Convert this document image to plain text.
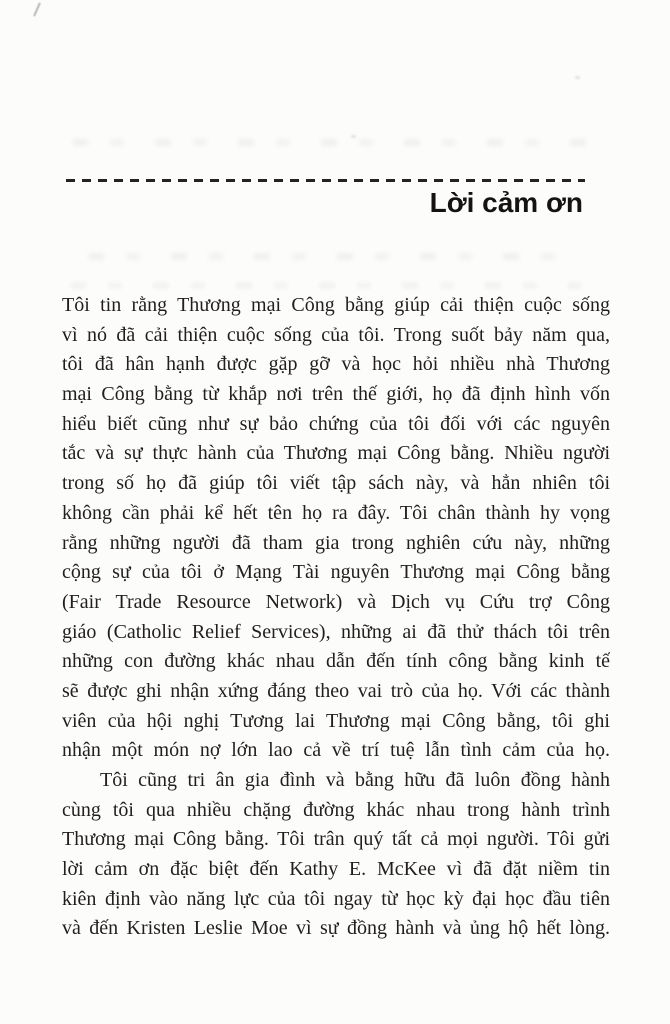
Lời cảm ơn
Tôi tin rằng Thương mại Công bằng giúp cải thiện cuộc sống
vì nó đã cải thiện cuộc sống của tôi. Trong suốt bảy năm qua,
tôi đã hân hạnh được gặp gỡ và học hỏi nhiều nhà Thương
mại Công bằng từ khắp nơi trên thế giới, họ đã định hình vốn
hiểu biết cũng như sự bảo chứng của tôi đối với các nguyên
tắc và sự thực hành của Thương mại Công bằng. Nhiều người
trong số họ đã giúp tôi viết tập sách này, và hẳn nhiên tôi
không cần phải kể hết tên họ ra đây. Tôi chân thành hy vọng
rằng những người đã tham gia trong nghiên cứu này, những
cộng sự của tôi ở Mạng Tài nguyên Thương mại Công bằng
(Fair Trade Resource Network) và Dịch vụ Cứu trợ Công
giáo (Catholic Relief Services), những ai đã thử thách tôi trên
những con đường khác nhau dẫn đến tính công bằng kinh tế
sẽ được ghi nhận xứng đáng theo vai trò của họ. Với các thành
viên của hội nghị Tương lai Thương mại Công bằng, tôi ghi
nhận một món nợ lớn lao cả về trí tuệ lẫn tình cảm của họ.
Tôi cũng tri ân gia đình và bằng hữu đã luôn đồng hành
cùng tôi qua nhiều chặng đường khác nhau trong hành trình
Thương mại Công bằng. Tôi trân quý tất cả mọi người. Tôi gửi
lời cảm ơn đặc biệt đến Kathy E. McKee vì đã đặt niềm tin
kiên định vào năng lực của tôi ngay từ học kỳ đại học đầu tiên
và đến Kristen Leslie Moe vì sự đồng hành và ủng hộ hết lòng.
